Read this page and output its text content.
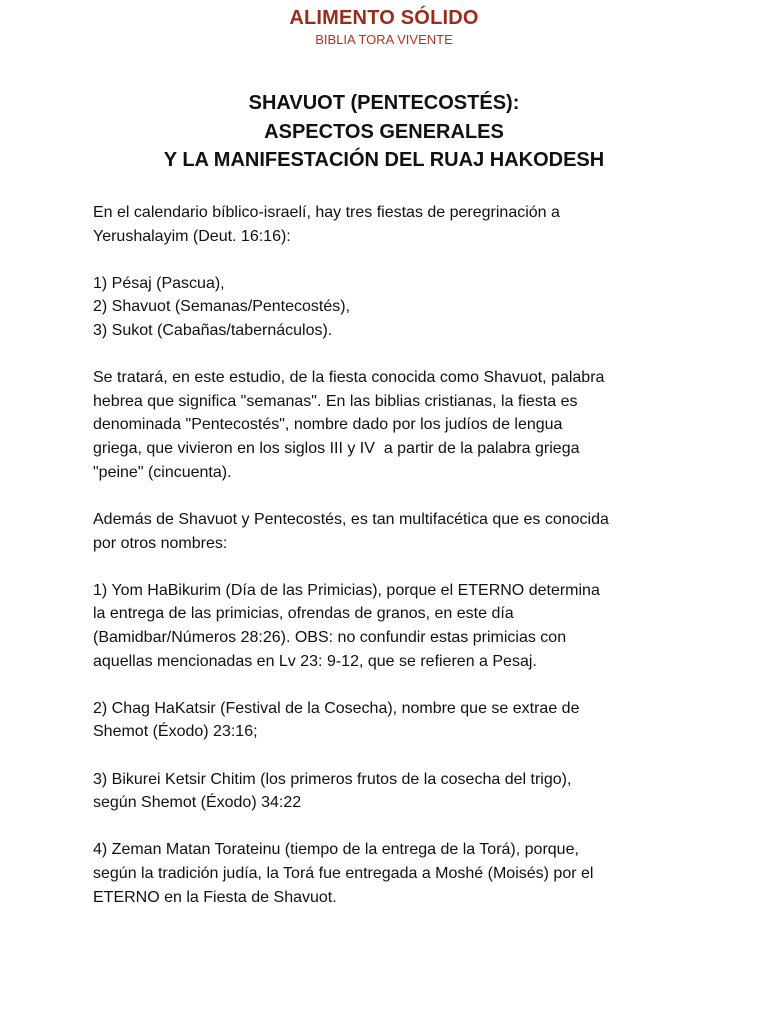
ALIMENTO SÓLIDO
BIBLIA TORA VIVENTE
SHAVUOT (PENTECOSTÉS):
ASPECTOS GENERALES
Y LA MANIFESTACIÓN DEL RUAJ HAKODESH
En el calendario bíblico-israelí, hay tres fiestas de peregrinación a
Yerushalayim (Deut. 16:16):
1) Pésaj (Pascua),
2) Shavuot (Semanas/Pentecostés),
3) Sukot (Cabañas/tabernáculos).
Se tratará, en este estudio, de la fiesta conocida como Shavuot, palabra
hebrea que significa "semanas". En las biblias cristianas, la fiesta es
denominada "Pentecostés", nombre dado por los judíos de lengua
griega, que vivieron en los siglos III y IV  a partir de la palabra griega
"peine" (cincuenta).
Además de Shavuot y Pentecostés, es tan multifacética que es conocida
por otros nombres:
1) Yom HaBikurim (Día de las Primicias), porque el ETERNO determina
la entrega de las primicias, ofrendas de granos, en este día
(Bamidbar/Números 28:26). OBS: no confundir estas primicias con
aquellas mencionadas en Lv 23: 9-12, que se refieren a Pesaj.
2) Chag HaKatsir (Festival de la Cosecha), nombre que se extrae de
Shemot (Éxodo) 23:16;
3) Bikurei Ketsir Chitim (los primeros frutos de la cosecha del trigo),
según Shemot (Éxodo) 34:22
4) Zeman Matan Torateinu (tiempo de la entrega de la Torá), porque,
según la tradición judía, la Torá fue entregada a Moshé (Moisés) por el
ETERNO en la Fiesta de Shavuot.
